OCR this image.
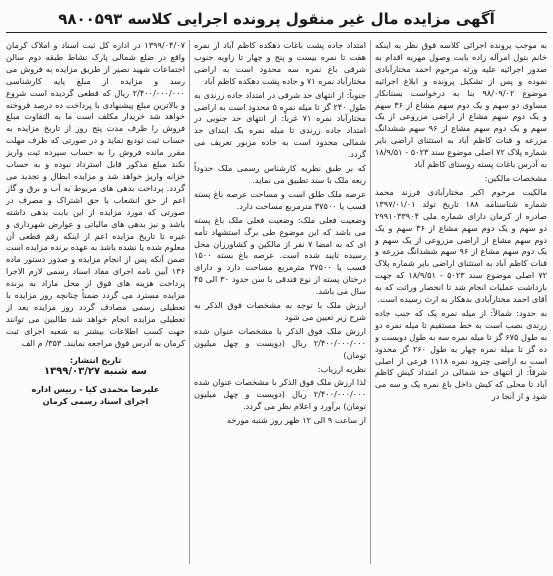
آگهی مزایده مال غیر منقول پرونده اجرایی کلاسه ۹۸۰۰۵۹۳

به موجب پرونده اجرائی کلاسه فوق نظر به اینکه خانم بتول امرآله زاده بابت وصول مهریه اقدام به صدور اجرائیه علیه ورثه مرحوم احمد مختارآبادی نموده و پس از تشکیل پرونده و ابلاغ اجرائیه موضوع ۹۸/۰۹/۰۲ بنا به درخواست بستانکار مساوی دو سهم و یک دوم سهم مشاع از ۳۶ سهم و یک دوم سهم مشاع از اراضی مزروعی از یک سهم و یک دوم سهم مشاع از ۹۶ سهم ششدانگ مزرعه و قنات کاظم آباد به استثنای اراضی بایر شماره پلاک ۷۲ اصلی موضوع سند ۵۰۲۳ - ۱۸/۹/۵۱ به آدرس باغات پسته روستای کاظم آباد

مشخصات مالکین:

مالکیت مرحوم اکبر مختارآبادی فرزند محمد شماره شناسنامه ۱۸۸ تاریخ تولد ۱۳۹۷/۰۱/۰۱ صادره از کرمان دارای شماره ملی ۲۹۹۱۰۳۳۹۰۴ دو سهم و یک دوم سهم مشاع از ۳۶ سهم و یک دوم سهم مشاع از اراضی مزروعی از یک سهم و یک دوم سهم مشاع از ۹۶ سهم ششدانگ مزرعه و قنات کاظم آباد به استثنای اراضی بایر شماره پلاک ۷۲ اصلی موضوع سند ۵۰۲۳ - ۱۸/۹/۵۱ که جهت بازداشت عملیات انجام شد تا انحصار وراثت که به آقای احمد مختارآبادی بدهکار به ارث رسیده است.

به حدود: شمالاً: از میله نمره یک که جنب جاده زرندی نصب است به خط مستقیم تا میله نمره دو به طول ۶۷۵ گز تا میله نمره سه به طول دویست و ده گز تا میله نمره چهار به طول ۲۶۰ گز محدود است به اراضی چترود نمره ۱۱۱۸ فرعی از اصلی شرقاً: از انتهای حد شمالی در امتداد کیش کاظم آباد تا محلی که کیش داخل باغ نمره یک و سه می شود و از آنجا در

امتداد جاده پشت باغات دهکده کاظم آباد از نمره هفت تا نمره بیست و پنج و چهار تا زاویه جنوب شرقی باغ نمره سه محدود است به اراضی مختارآباد نمره ۷۱ و جاده پشت دهکده کاظم آباد

جنوباً: از انتهای حد شرقی در امتداد جاده زرندی به طول ۲۴۰ گز تا میله نمره ۵ محدود است به اراضی مختارآباد نمره ۷۱ غرباً: از انتهای حد جنوبی در امتداد جاده زرندی تا میله نمره یک ابتدای حد شمالی محدود است به جاده مزبور تعریف می گردد.

که بر طبق نظریه کارشناس رسمی ملک حدوداً ربعه ملک با سند تطبیق می نماید.

عرصه ملک طلق است و مساحت عرصه باغ پسته قسب یا ۳۷۵۰۰ مترمربع مساحت دارد.

وضعیت فعلی ملک: وضعیت فعلی ملک باغ پسته می باشد که این موضوع طی برگ استشهاد تأمه ای که به امضا ۷ نفر از مالکین و کشاورزان محل رسیده تایید شده است. عرصه باغ بسته ۱۵۰۰ قسب یا ۳۷۵۰۰ مترمربع مساحت دارد و دارای درختان پسته از نوع فندقی با سن حدود ۳۰ الی ۴۵ سال می باشد.

ارزش ملک با توجه به مشخصات فوق الذکر به شرح زیر تعیین می شود

ارزش ملک فوق الذکر با مشخصات عنوان شده ۲/۴۰۰/۰۰۰/۰۰۰ ریال (دویست و چهل میلیون تومان)

نظریه ارزیاب:

لذا ارزش ملک فوق الذکر با مشخصات عنوان شده ۲/۴۰۰/۰۰۰/۰۰۰ ریال (دویست و چهل میلیون تومان) برآورد و اعلام نظر می گردد.

از ساعت ۹ الی ۱۲ ظهر روز شنبه مورخه

۱۳۹۹/۰۴/۰۷ در اداره کل ثبت اسناد و املاک کرمان واقع در ضلع شمالی پارک نشاط طبقه دوم سالن اجتماعات شهید نصیر از طریق مزایده به فروش می رسد و مزایده از مبلغ پایه کارشناسی ۲/۴۰۰/۰۰۰/۰۰۰ ریال که قطعی گردیده است شروع و بالاترین مبلغ پیشنهادی با پرداخت ده درصد فروخته خواهد شد خریدار مکلف است ما به التفاوت مبلغ فروش را ظرف مدت پنج روز از تاریخ مزایده به حساب ثبت تودیع نماید و در صورتی که ظرف مهلت مقرر مانده فروش را به حساب سپرده ثبت واریز نکند مبلغ مذکور قابل استرداد نبوده و به حساب خزانه واریز خواهد شد و مزایده ابطال و تجدید می گردد. پرداخت بدهی های مربوط به آب و برق و گاز اعم از حق انشعاب یا حق اشتراک و مصرف در صورتی که مورد مزایده از این بابت بدهی داشته باشد و نیز بدهی های مالیاتی و عوارض شهرداری و غیره تا تاریخ مزایده اعم از اینکه رقم قطعی آن معلوم شده یا نشده باشد به عهده برنده مزایده است ضمن آنکه پس از انجام مزایده و صدور دستور ماده ۱۳۶ آیین نامه اجرای مفاد اسناد رسمی لازم الاجرا پرداخت هزینه های فوق از محل مازاد به برنده مزایده مسترد می گردد ضمناً چنانچه روز مزایده با تعطیلی رسمی مصادف گردد روز مزایده بعد از تعطیلی مزایده انجام خواهد شد طالبین می توانند جهت کسب اطلاعات بیشتر به شعبه اجرای ثبت کرمان به آدرس فوق مراجعه نمایند. ۳۵۳/ م الف

تاریخ انتشار:
سه شنبه ۱۳۹۹/۰۳/۲۷
علیرضا محمدی کیا - رییس اداره
اجرای اسناد رسمی کرمان
